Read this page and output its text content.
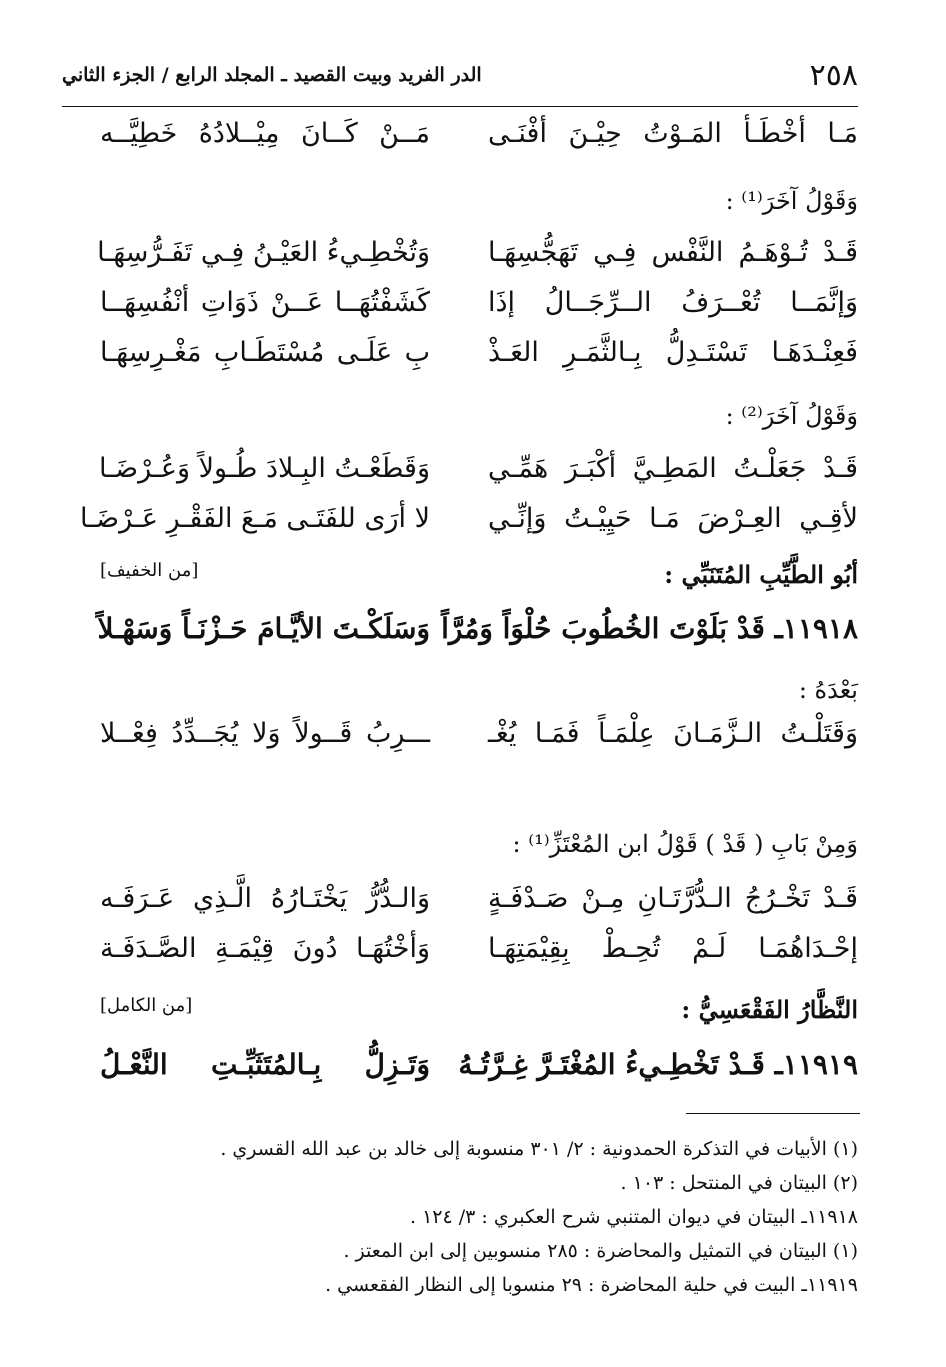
٢٥٨
الدر الفريد وبيت القصيد ـ المجلد الرابع / الجزء الثاني
مَـا أخْطَـأ المَـوْتُ حِيْـنَ أفْنَـى
مَــنْ كَــانَ مِيْــلادُهُ خَطِيَّــه
وَقَوْلُ آخَرَ⁽¹⁾ :
قَـدْ تُـوْهَـمُ النَّفْس فِـي تَهَجُّسِهَـا
وَتُخْطِـيءُ العَيْـنُ فِـي تَفَـرُّسِهَـا
وَإنَّمَــا تُعْــرَفُ الــرِّجَــالُ إذَا
كَشَفْتُهَــا عَــنْ ذَوَاتِ أنْفُسِهَــا
فَعِنْـدَهَـا تَسْتَـدِلُّ بِـالثَّمَـرِ العَـذْ
بِ عَلَـى مُسْتَطَـابِ مَغْـرِسِهَـا
وَقَوْلُ آخَرَ⁽²⁾ :
قَـدْ جَعَلْـتُ المَطِـيَّ أكْبَـرَ هَمِّـي
وَقَطَعْـتُ البِـلادَ طُـولاً وَعُـرْضَـا
لأقِـي العِـرْضَ مَـا حَيِيْـتُ وَإنِّـي
لا أرَى للفَتَـى مَـعَ الفَقْـرِ عَـرْضَـا
أبُو الطَّيِّبِ المُتَنَبِّي :
[من الخفيف]
١١٩١٨ـ قَدْ بَلَوْتَ الخُطُوبَ حُلْوَاً وَمُرَّاً
وَسَلَكْـتَ الأيَّـامَ حَـزْنَـاً وَسَهْـلاً
بَعْدَهُ :
وَقَتَلْـتُ الـزَّمَـانَ عِلْمَـاً فَمَـا يُغْـ
ـــرِبُ قَــولاً وَلا يُجَــدِّدُ فِعْــلا
وَمِنْ بَابِ ( قَدْ ) قَوْلُ ابن المُعْتَزِّ⁽¹⁾ :
قَـدْ تَخْـرُجُ الـدُّرَّتَـانِ مِـنْ صَـدْفَـةٍ
وَالـدُّرُّ يَخْتَـارُهُ الَّـذِي عَـرَفَـه
إحْـدَاهُمَـا لَـمْ تُحِـطْ بِقِيْمَتِهَـا
وَأخْتُهَـا دُونَ قِيْمَـةِ الصَّـدَفَـة
النَّظَّارُ الفَقْعَسِيُّ :
[من الكامل]
١١٩١٩ـ قَـدْ تَخْطِـيءُ المُغْتَـرَّ غِـرَّتُـهُ
وَتَـزِلُّ بِـالمُتَثَبِّـتِ النَّعْـلُ
(١) الأبيات في التذكرة الحمدونية : ٢/ ٣٠١ منسوبة إلى خالد بن عبد الله القسري .
(٢) البيتان في المنتحل : ١٠٣ .
١١٩١٨ـ البيتان في ديوان المتنبي شرح العكبري : ٣/ ١٢٤ .
(١) البيتان في التمثيل والمحاضرة : ٢٨٥ منسوبين إلى ابن المعتز .
١١٩١٩ـ البيت في حلية المحاضرة : ٢٩ منسوبا إلى النظار الفقعسي .
